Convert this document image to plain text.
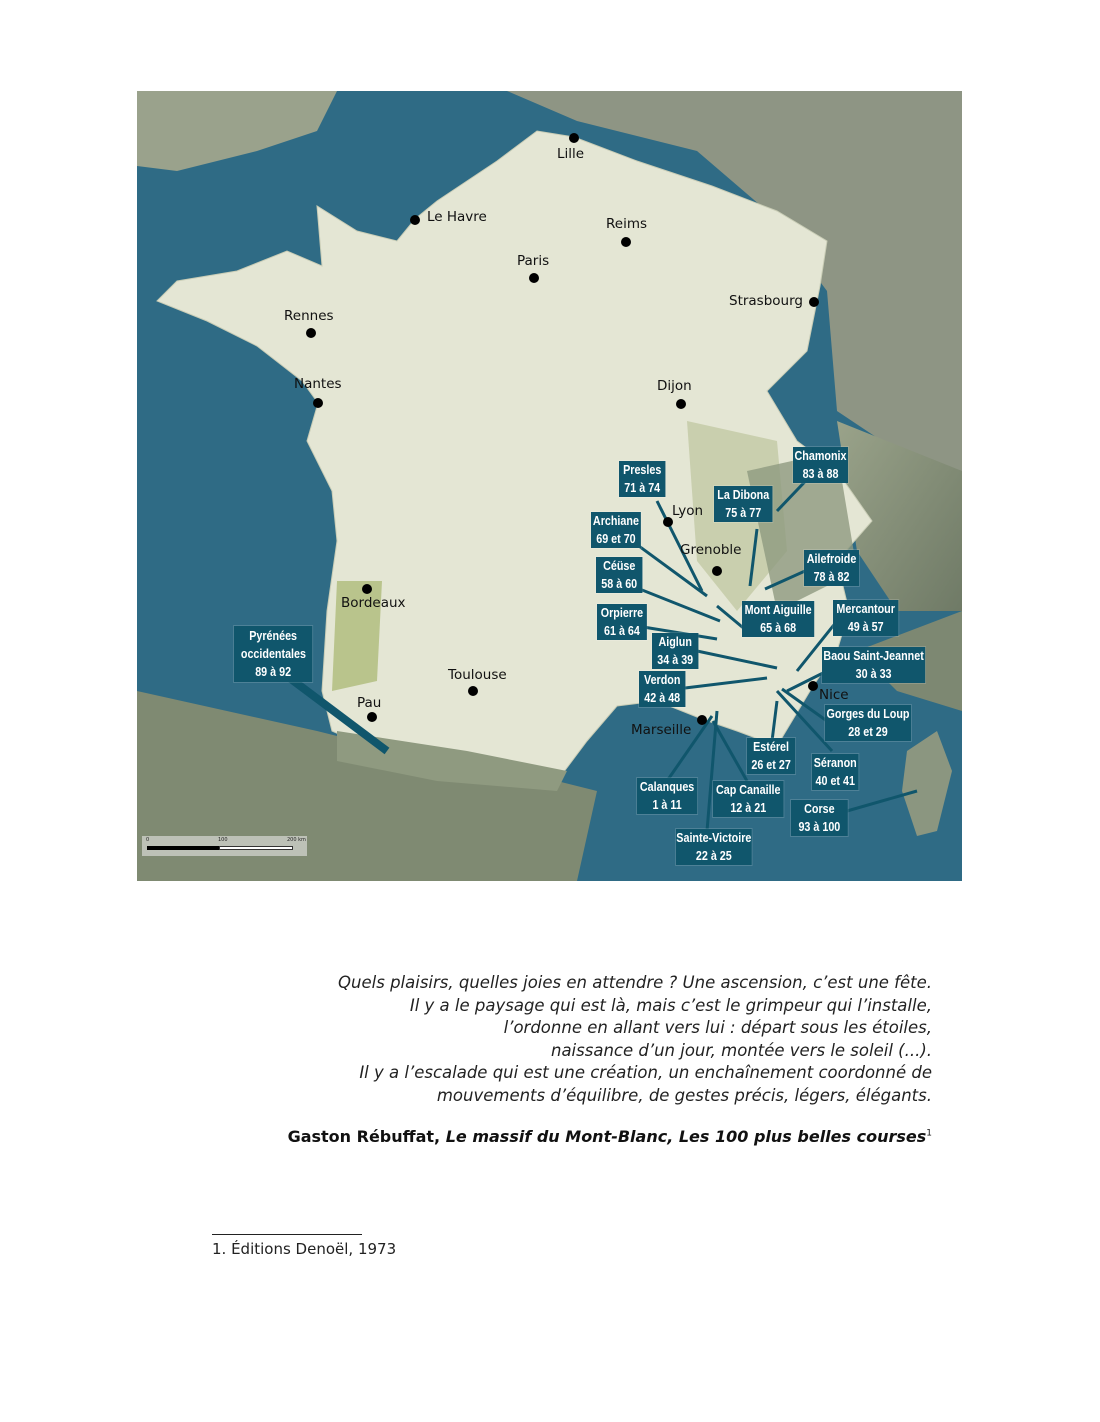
Lille
Le Havre	Reims
Paris
Strasbourg
Rennes
Nantes	Dijon
Lyon
Grenoble
Bordeaux
Toulouse
Pau
Marseille
Nice
Chamonix
83 à 88
Presles
71 à 74	La Dibona
75 à 77
Archiane
69 et 70
Céüse
58 à 60
Ailefroide
78 à 82
Orpierre
61 à 64
Mont Aiguille
65 à 68
Mercantour
49 à 57
Aiglun
34 à 39	Baou Saint-Jeannet
30 à 33
Verdon
42 à 48
Gorges du Loup
28 et 29
Estérel
26 et 27	Séranon
40 et 41
Calanques
1 à 11
Cap Canaille
12 à 21	Corse
93 à 100
Sainte-Victoire
22 à 25
Pyrénées occidentales
89 à 92
0	100	200 km
Quels plaisirs, quelles joies en attendre ? Une ascension, c’est une fête.
Il y a le paysage qui est là, mais c’est le grimpeur qui l’installe,
l’ordonne en allant vers lui : départ sous les étoiles,
naissance d’un jour, montée vers le soleil (...).
Il y a l’escalade qui est une création, un enchaînement coordonné de
mouvements d’équilibre, de gestes précis, légers, élégants.
Gaston Rébuffat, Le massif du Mont-Blanc, Les 100 plus belles courses$^1$
1. Éditions Denoël, 1973
